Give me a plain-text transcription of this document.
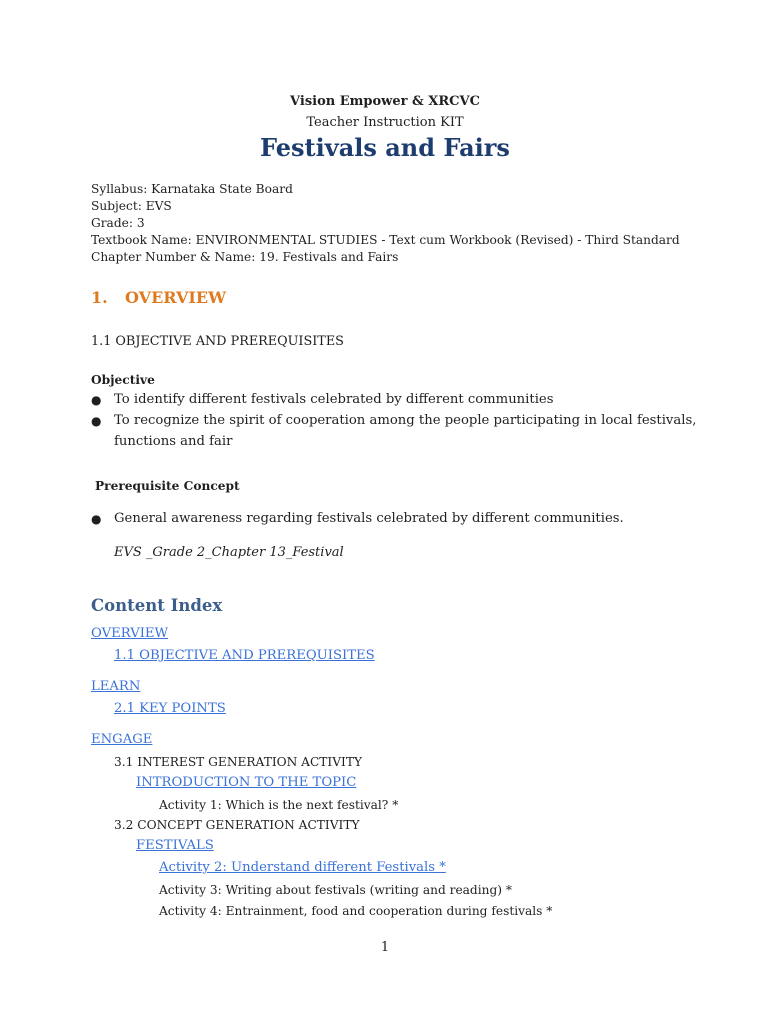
Vision Empower & XRCVC
Teacher Instruction KIT
Festivals and Fairs
Syllabus: Karnataka State Board
Subject: EVS
Grade: 3
Textbook Name: ENVIRONMENTAL STUDIES - Text cum Workbook (Revised) - Third Standard
Chapter Number & Name: 19. Festivals and Fairs
1. OVERVIEW
1.1 OBJECTIVE AND PREREQUISITES
Objective
● To identify different festivals celebrated by different communities
● To recognize the spirit of cooperation among the people participating in local festivals,
functions and fair
Prerequisite Concept
● General awareness regarding festivals celebrated by different communities.
EVS _Grade 2_Chapter 13_Festival
Content Index
OVERVIEW
1.1 OBJECTIVE AND PREREQUISITES
LEARN
2.1 KEY POINTS
ENGAGE
3.1 INTEREST GENERATION ACTIVITY
INTRODUCTION TO THE TOPIC
Activity 1: Which is the next festival? *
3.2 CONCEPT GENERATION ACTIVITY
FESTIVALS
Activity 2: Understand different Festivals *
Activity 3: Writing about festivals (writing and reading) *
Activity 4: Entrainment, food and cooperation during festivals *
1
